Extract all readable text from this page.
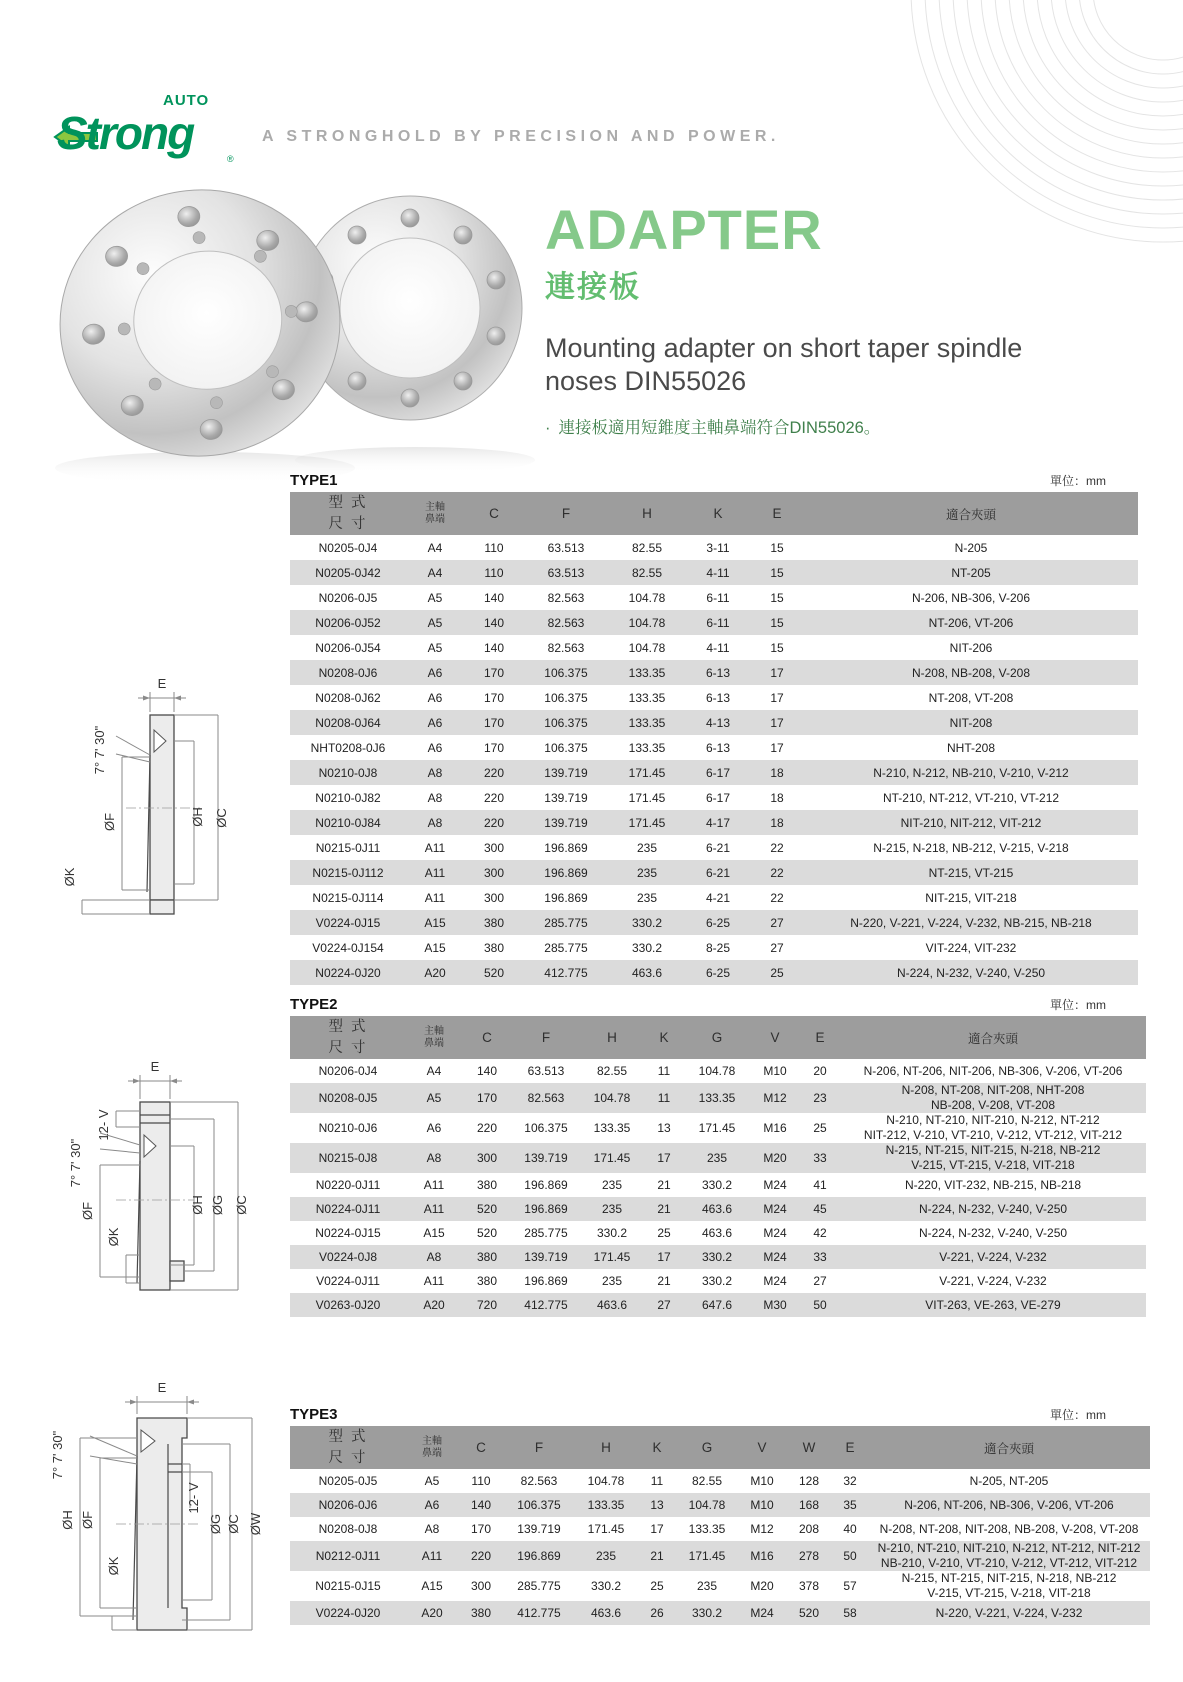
AUTO
Strong	®
A STRONGHOLD BY PRECISION AND POWER.
ADAPTER
連接板

Mounting adapter on short taper spindle noses DIN55026

· 連接板適用短錐度主軸鼻端符合DIN55026。

E
7° 7' 30"
ØF
ØK
ØH ØC
E
12- V
7° 7' 30"
ØF
ØK
ØH ØG ØC
E
7° 7' 30"
ØH ØF
ØK
12- V
ØG ØC ØW
TYPE1	單位：mm
型 式
尺 寸	主軸
鼻端	C	F	H	K	E	適合夾頭
N0205-0J4	A4	110	63.513	82.55	3-11	15	N-205
N0205-0J42	A4	110	63.513	82.55	4-11	15	NT-205
N0206-0J5	A5	140	82.563	104.78	6-11	15	N-206, NB-306, V-206
N0206-0J52	A5	140	82.563	104.78	6-11	15	NT-206, VT-206
N0206-0J54	A5	140	82.563	104.78	4-11	15	NIT-206
N0208-0J6	A6	170	106.375	133.35	6-13	17	N-208, NB-208, V-208
N0208-0J62	A6	170	106.375	133.35	6-13	17	NT-208, VT-208
N0208-0J64	A6	170	106.375	133.35	4-13	17	NIT-208
NHT0208-0J6	A6	170	106.375	133.35	6-13	17	NHT-208
N0210-0J8	A8	220	139.719	171.45	6-17	18	N-210, N-212, NB-210, V-210, V-212
N0210-0J82	A8	220	139.719	171.45	6-17	18	NT-210, NT-212, VT-210, VT-212
N0210-0J84	A8	220	139.719	171.45	4-17	18	NIT-210, NIT-212, VIT-212
N0215-0J11	A11	300	196.869	235	6-21	22	N-215, N-218, NB-212, V-215, V-218
N0215-0J112	A11	300	196.869	235	6-21	22	NT-215, VT-215
N0215-0J114	A11	300	196.869	235	4-21	22	NIT-215, VIT-218
V0224-0J15	A15	380	285.775	330.2	6-25	27	N-220, V-221, V-224, V-232, NB-215, NB-218
V0224-0J154	A15	380	285.775	330.2	8-25	27	VIT-224, VIT-232
N0224-0J20	A20	520	412.775	463.6	6-25	25	N-224, N-232, V-240, V-250
TYPE2	單位：mm
型 式
尺 寸	主軸
鼻端	C	F	H	K	G	V	E	適合夾頭
N0206-0J4	A4	140	63.513	82.55	11	104.78	M10	20	N-206, NT-206, NIT-206, NB-306, V-206, VT-206
N0208-0J5	A5	170	82.563	104.78	11	133.35	M12	23	N-208, NT-208, NIT-208, NHT-208
NB-208, V-208, VT-208
N0210-0J6	A6	220	106.375	133.35	13	171.45	M16	25	N-210, NT-210, NIT-210, N-212, NT-212
NIT-212, V-210, VT-210, V-212, VT-212, VIT-212
N0215-0J8	A8	300	139.719	171.45	17	235	M20	33	N-215, NT-215, NIT-215, N-218, NB-212
V-215, VT-215, V-218, VIT-218
N0220-0J11	A11	380	196.869	235	21	330.2	M24	41	N-220, VIT-232, NB-215, NB-218
N0224-0J11	A11	520	196.869	235	21	463.6	M24	45	N-224, N-232, V-240, V-250
N0224-0J15	A15	520	285.775	330.2	25	463.6	M24	42	N-224, N-232, V-240, V-250
V0224-0J8	A8	380	139.719	171.45	17	330.2	M24	33	V-221, V-224, V-232
V0224-0J11	A11	380	196.869	235	21	330.2	M24	27	V-221, V-224, V-232
V0263-0J20	A20	720	412.775	463.6	27	647.6	M30	50	VIT-263, VE-263, VE-279
TYPE3	單位：mm
型 式
尺 寸	主軸
鼻端	C	F	H	K	G	V	W	E	適合夾頭
N0205-0J5	A5	110	82.563	104.78	11	82.55	M10	128	32	N-205, NT-205
N0206-0J6	A6	140	106.375	133.35	13	104.78	M10	168	35	N-206, NT-206, NB-306, V-206, VT-206
N0208-0J8	A8	170	139.719	171.45	17	133.35	M12	208	40	N-208, NT-208, NIT-208, NB-208, V-208, VT-208
N0212-0J11	A11	220	196.869	235	21	171.45	M16	278	50	N-210, NT-210, NIT-210, N-212, NT-212, NIT-212
NB-210, V-210, VT-210, V-212, VT-212, VIT-212
N0215-0J15	A15	300	285.775	330.2	25	235	M20	378	57	N-215, NT-215, NIT-215, N-218, NB-212
V-215, VT-215, V-218, VIT-218
V0224-0J20	A20	380	412.775	463.6	26	330.2	M24	520	58	N-220, V-221, V-224, V-232
